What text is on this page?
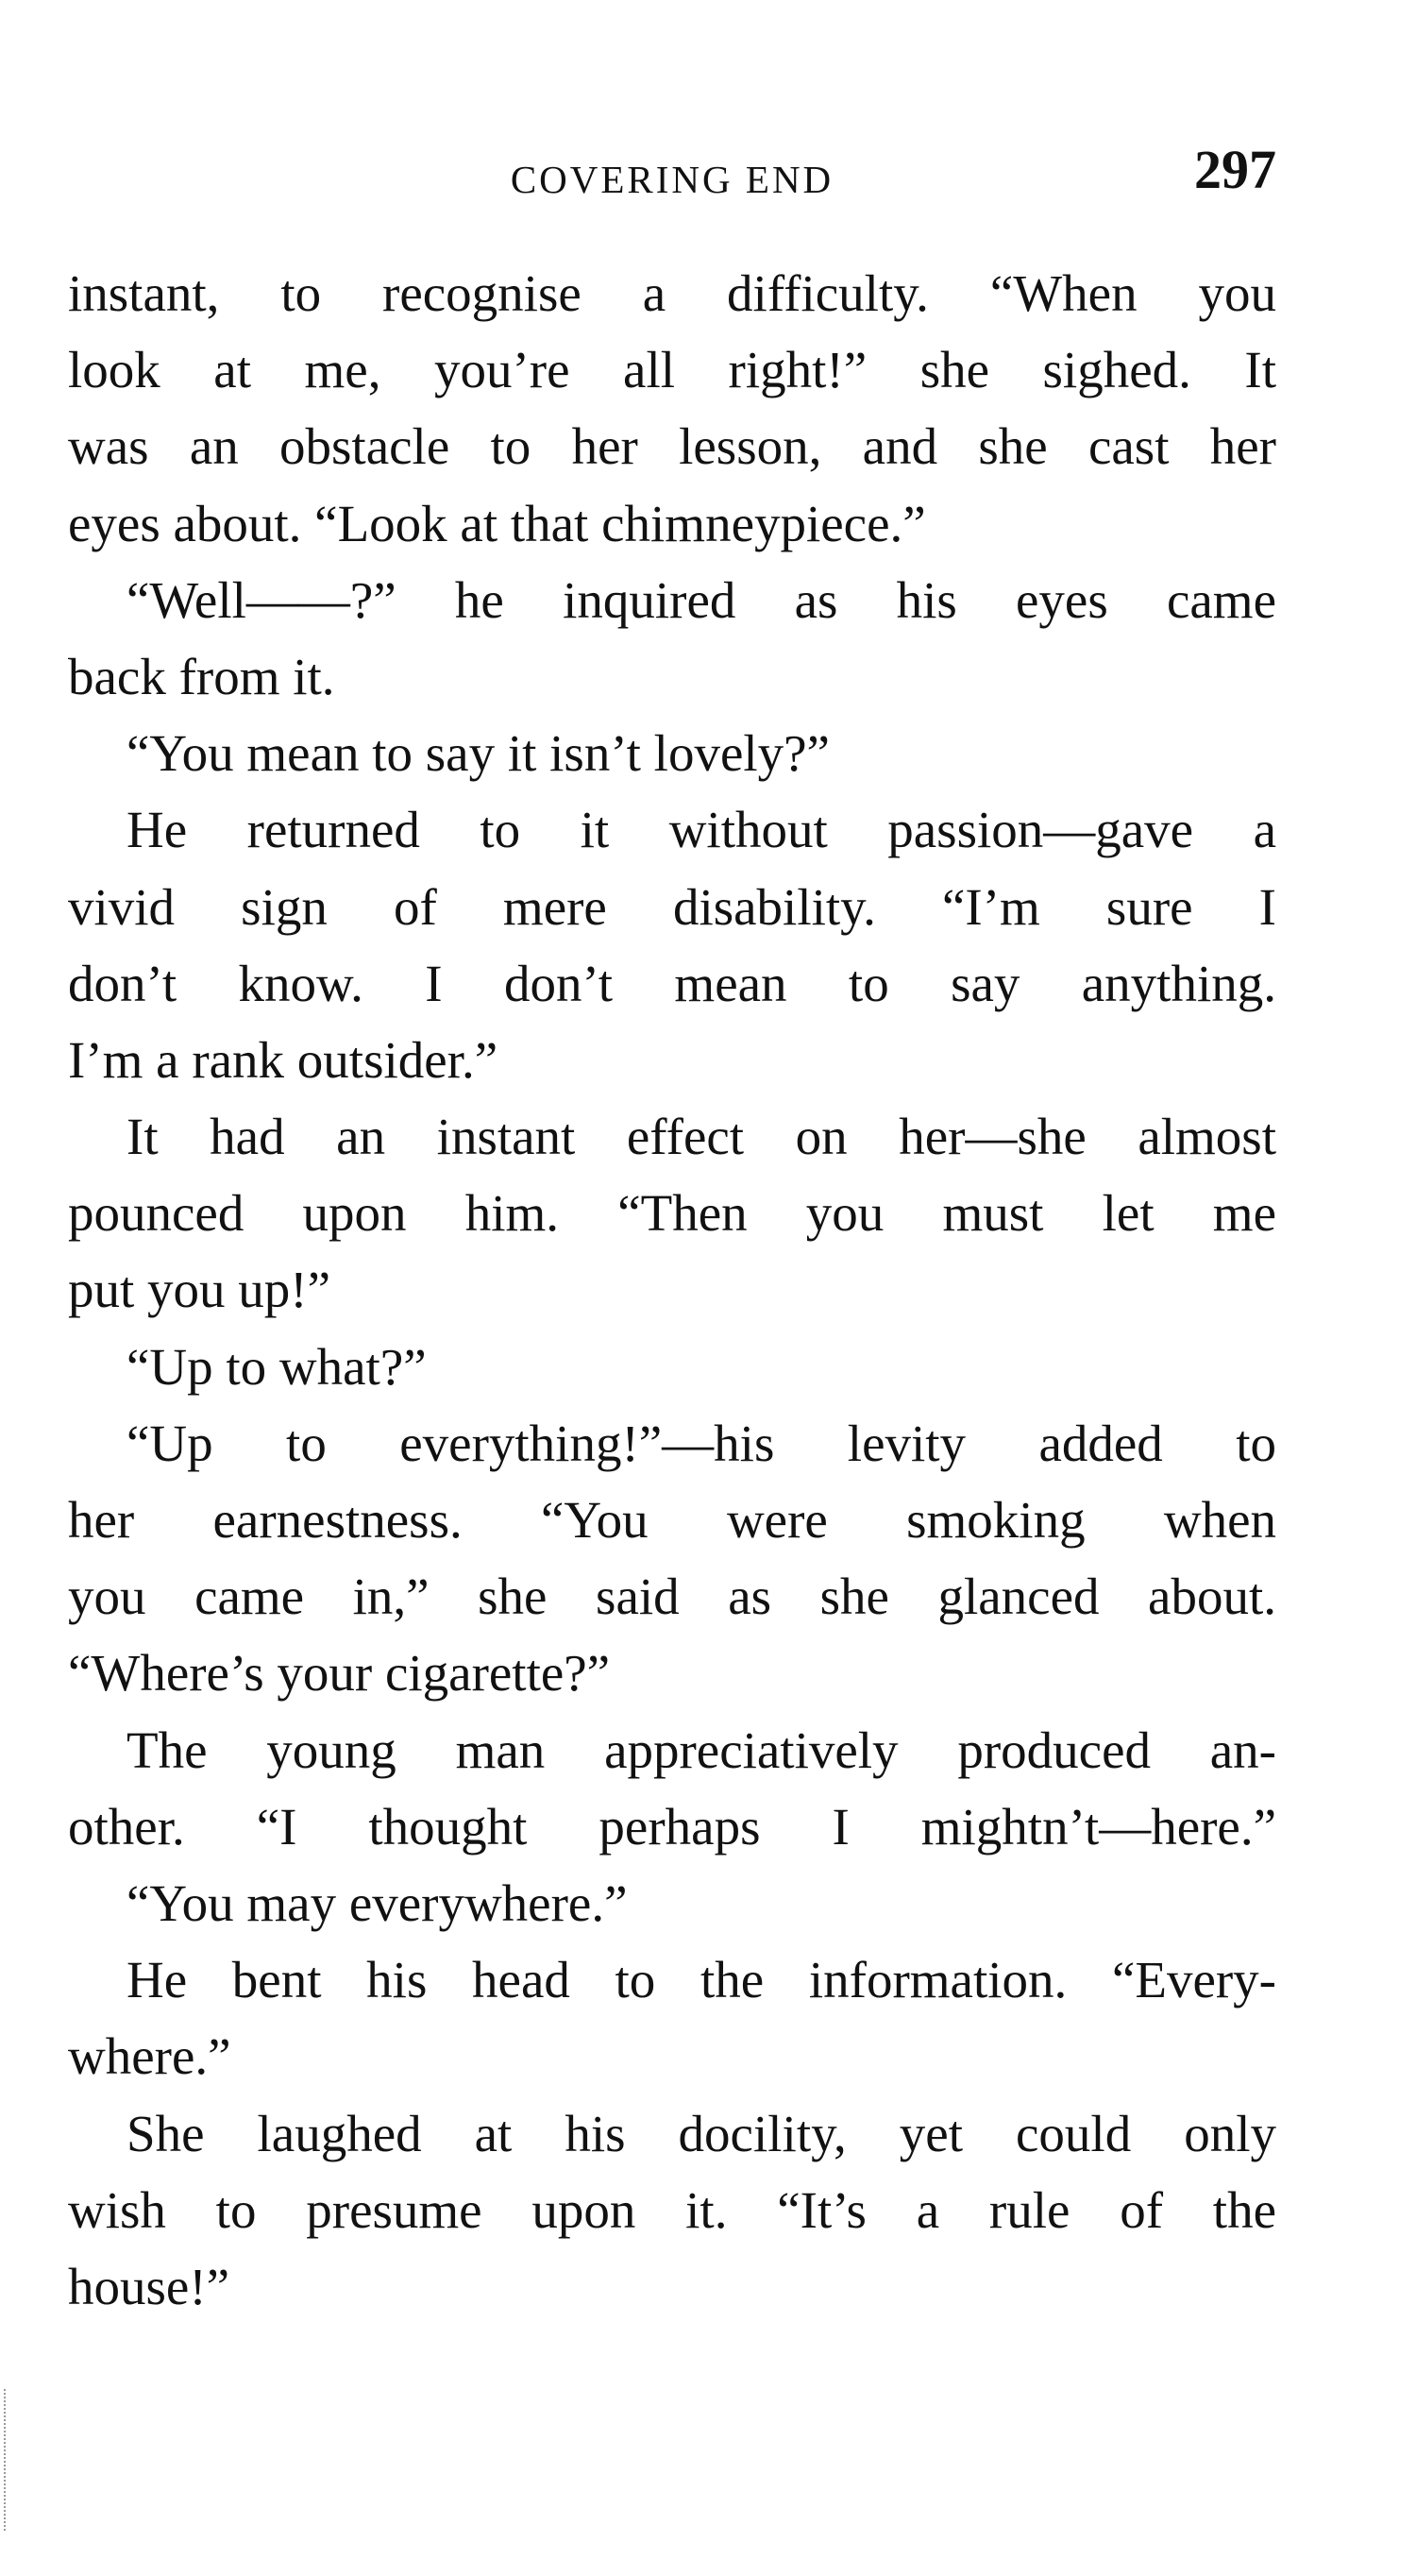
COVERING END	297
instant, to recognise a difficulty. “When you
look at me, you’re all right!” she sighed. It
was an obstacle to her lesson, and she cast her
eyes about. “Look at that chimneypiece.”
“Well——?” he inquired as his eyes came
back from it.
“You mean to say it isn’t lovely?”
He returned to it without passion—gave a
vivid sign of mere disability. “I’m sure I
don’t know. I don’t mean to say anything.
I’m a rank outsider.”
It had an instant effect on her—she almost
pounced upon him. “Then you must let me
put you up!”
“Up to what?”
“Up to everything!”—his levity added to
her earnestness. “You were smoking when
you came in,” she said as she glanced about.
“Where’s your cigarette?”
The young man appreciatively produced an-
other. “I thought perhaps I mightn’t—here.”
“You may everywhere.”
He bent his head to the information. “Every-
where.”
She laughed at his docility, yet could only
wish to presume upon it. “It’s a rule of the
house!”
